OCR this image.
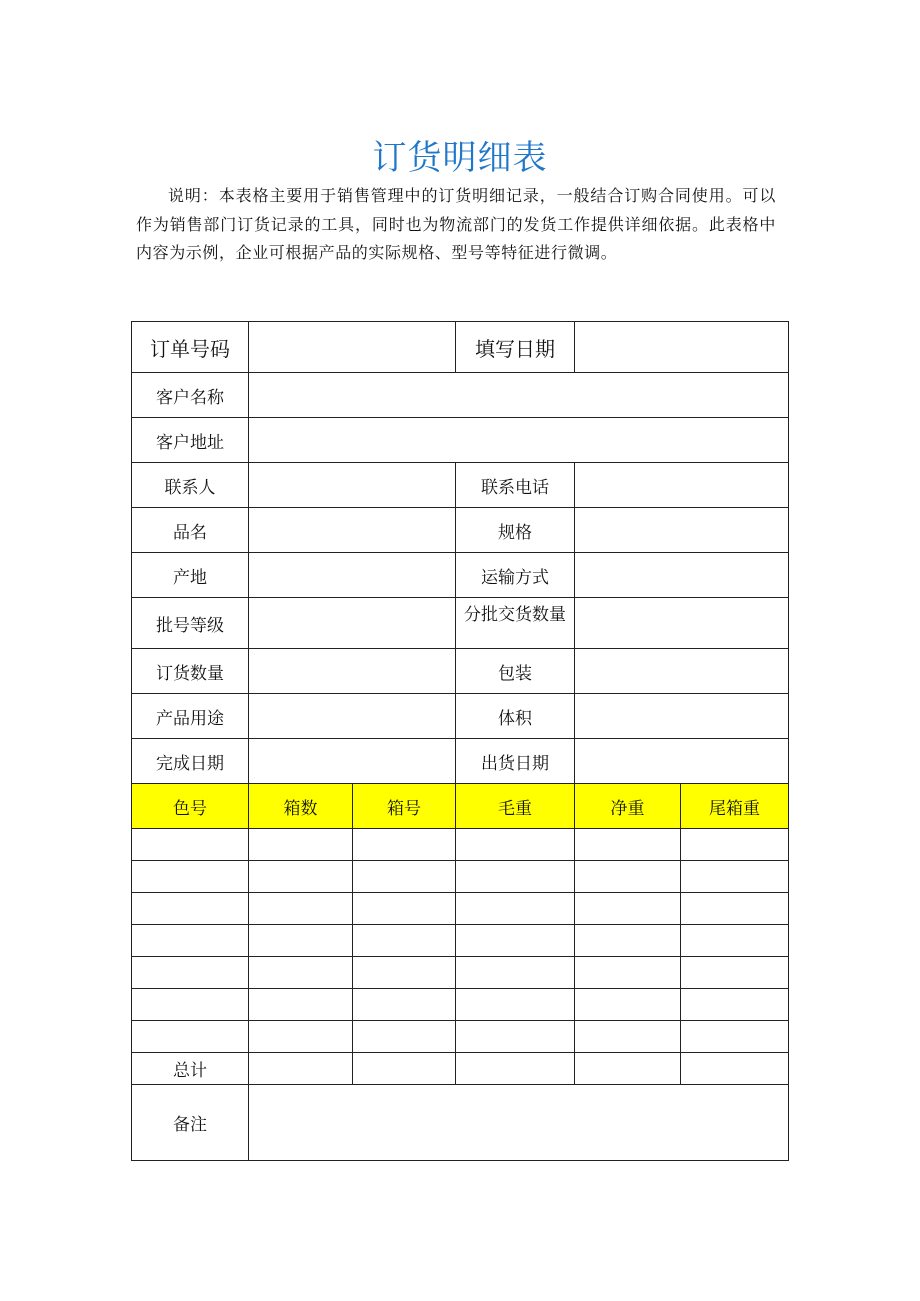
订货明细表

说明：本表格主要用于销售管理中的订货明细记录，一般结合订购合同使用。可以作为销售部门订货记录的工具，同时也为物流部门的发货工作提供详细依据。此表格中内容为示例，企业可根据产品的实际规格、型号等特征进行微调。

订单号码			填写日期		
客户名称					
客户地址					
联系人			联系电话		
品名			规格		
产地			运输方式		
批号等级			分批交货数量		
订货数量			包装		
产品用途			体积		
完成日期			出货日期		
色号	箱数	箱号	毛重	净重	尾箱重

总计					
备注					
